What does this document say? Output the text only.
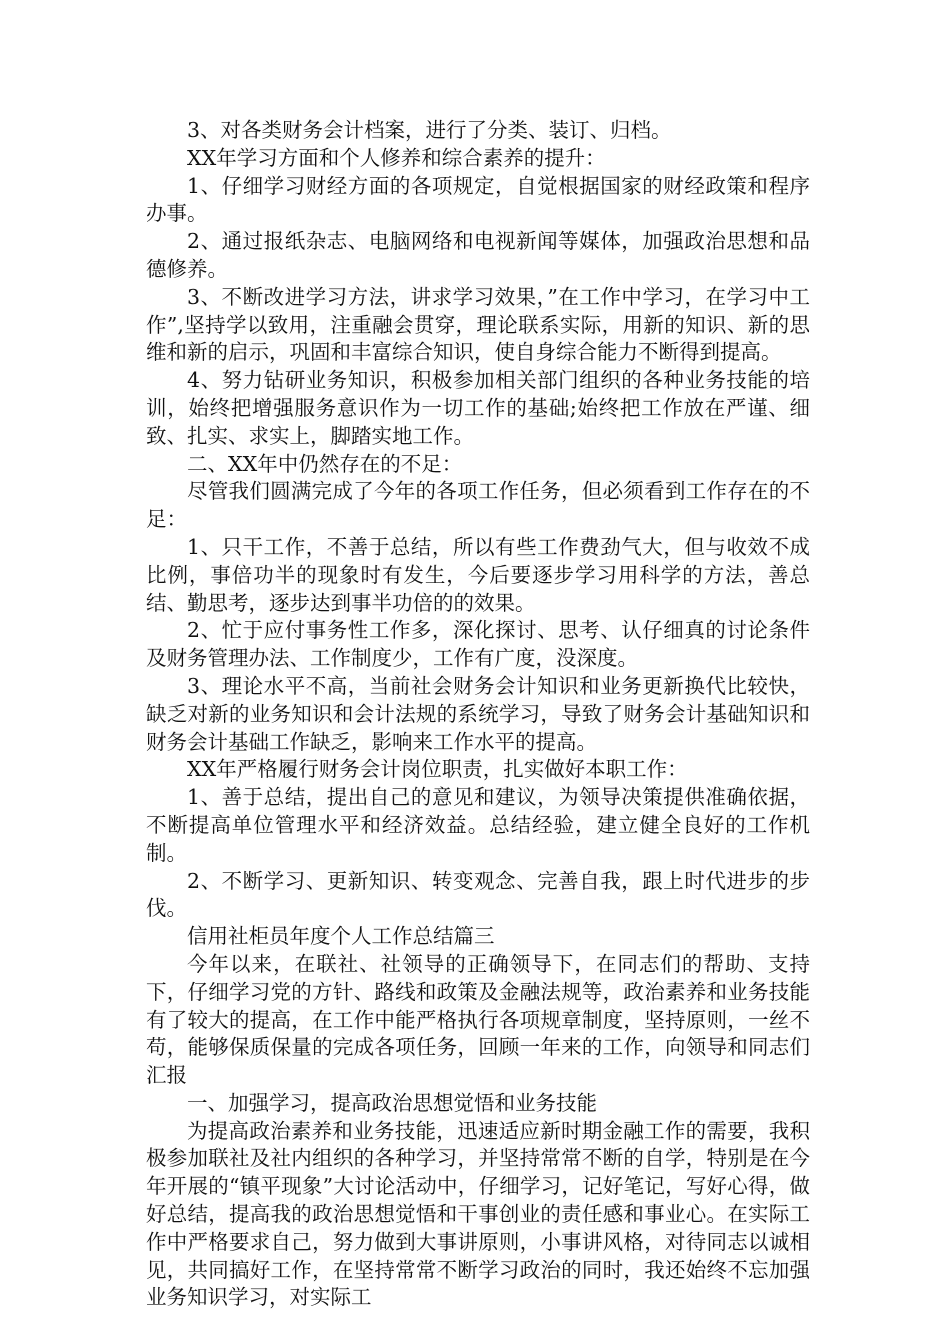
3、对各类财务会计档案，进行了分类、装订、归档。

XX年学习方面和个人修养和综合素养的提升：

1、仔细学习财经方面的各项规定，自觉根据国家的财经政策和程序办事。

2、通过报纸杂志、电脑网络和电视新闻等媒体，加强政治思想和品德修养。

3、不断改进学习方法，讲求学习效果，”在工作中学习，在学习中工作”,坚持学以致用，注重融会贯穿，理论联系实际，用新的知识、新的思维和新的启示，巩固和丰富综合知识，使自身综合能力不断得到提高。

4、努力钻研业务知识，积极参加相关部门组织的各种业务技能的培训，始终把增强服务意识作为一切工作的基础;始终把工作放在严谨、细致、扎实、求实上，脚踏实地工作。

二、XX年中仍然存在的不足：

尽管我们圆满完成了今年的各项工作任务，但必须看到工作存在的不足：

1、只干工作，不善于总结，所以有些工作费劲气大，但与收效不成比例，事倍功半的现象时有发生，今后要逐步学习用科学的方法，善总结、勤思考，逐步达到事半功倍的的效果。

2、忙于应付事务性工作多，深化探讨、思考、认仔细真的讨论条件及财务管理办法、工作制度少，工作有广度，没深度。

3、理论水平不高，当前社会财务会计知识和业务更新换代比较快，缺乏对新的业务知识和会计法规的系统学习，导致了财务会计基础知识和财务会计基础工作缺乏，影响来工作水平的提高。

XX年严格履行财务会计岗位职责，扎实做好本职工作：

1、善于总结，提出自己的意见和建议，为领导决策提供准确依据，不断提高单位管理水平和经济效益。总结经验，建立健全良好的工作机制。

2、不断学习、更新知识、转变观念、完善自我，跟上时代进步的步伐。

信用社柜员年度个人工作总结篇三

今年以来，在联社、社领导的正确领导下，在同志们的帮助、支持下，仔细学习党的方针、路线和政策及金融法规等，政治素养和业务技能有了较大的提高，在工作中能严格执行各项规章制度，坚持原则，一丝不苟，能够保质保量的完成各项任务，回顾一年来的工作，向领导和同志们汇报

一、加强学习，提高政治思想觉悟和业务技能

为提高政治素养和业务技能，迅速适应新时期金融工作的需要，我积极参加联社及社内组织的各种学习，并坚持常常不断的自学，特别是在今年开展的“镇平现象”大讨论活动中，仔细学习，记好笔记，写好心得，做好总结，提高我的政治思想觉悟和干事创业的责任感和事业心。在实际工作中严格要求自己，努力做到大事讲原则，小事讲风格，对待同志以诚相见，共同搞好工作，在坚持常常不断学习政治的同时，我还始终不忘加强业务知识学习，对实际工
